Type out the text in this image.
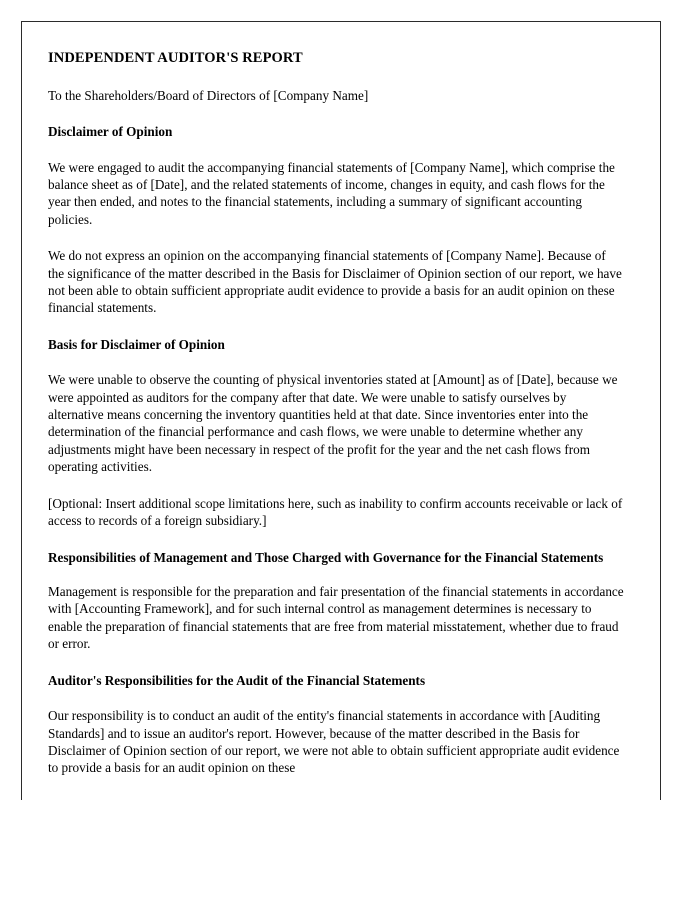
INDEPENDENT AUDITOR'S REPORT

To the Shareholders/Board of Directors of [Company Name]

Disclaimer of Opinion

We were engaged to audit the accompanying financial statements of [Company Name], which comprise the balance sheet as of [Date], and the related statements of income, changes in equity, and cash flows for the year then ended, and notes to the financial statements, including a summary of significant accounting policies.

We do not express an opinion on the accompanying financial statements of [Company Name]. Because of the significance of the matter described in the Basis for Disclaimer of Opinion section of our report, we have not been able to obtain sufficient appropriate audit evidence to provide a basis for an audit opinion on these financial statements.

Basis for Disclaimer of Opinion

We were unable to observe the counting of physical inventories stated at [Amount] as of [Date], because we were appointed as auditors for the company after that date. We were unable to satisfy ourselves by alternative means concerning the inventory quantities held at that date. Since inventories enter into the determination of the financial performance and cash flows, we were unable to determine whether any adjustments might have been necessary in respect of the profit for the year and the net cash flows from operating activities.

[Optional: Insert additional scope limitations here, such as inability to confirm accounts receivable or lack of access to records of a foreign subsidiary.]

Responsibilities of Management and Those Charged with Governance for the Financial Statements

Management is responsible for the preparation and fair presentation of the financial statements in accordance with [Accounting Framework], and for such internal control as management determines is necessary to enable the preparation of financial statements that are free from material misstatement, whether due to fraud or error.

Auditor's Responsibilities for the Audit of the Financial Statements

Our responsibility is to conduct an audit of the entity's financial statements in accordance with [Auditing Standards] and to issue an auditor's report. However, because of the matter described in the Basis for Disclaimer of Opinion section of our report, we were not able to obtain sufficient appropriate audit evidence to provide a basis for an audit opinion on these
